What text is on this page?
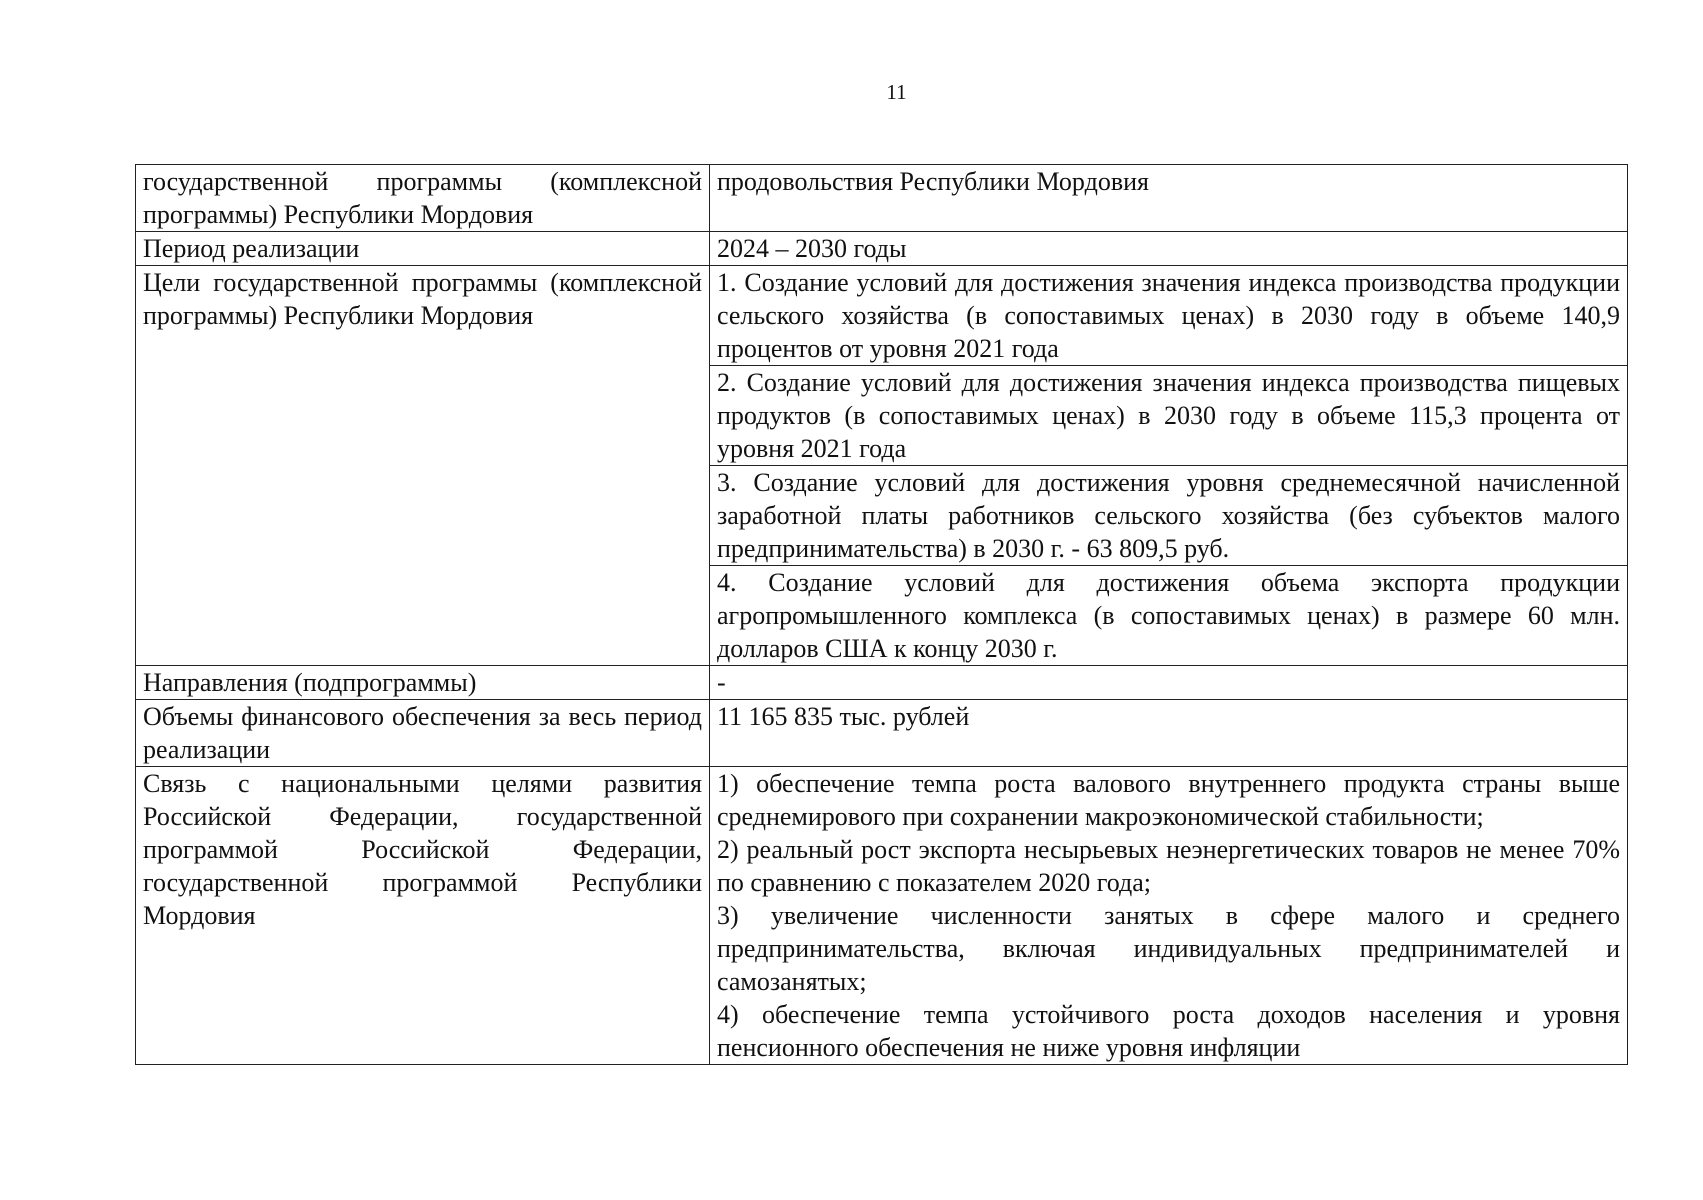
11
государственной программы (комплексной программы) Республики Мордовия	продовольствия Республики Мордовия
Период реализации	2024 – 2030 годы
Цели государственной программы (комплексной программы) Республики Мордовия	1. Создание условий для достижения значения индекса производства продукции сельского хозяйства (в сопоставимых ценах) в 2030 году в объеме 140,9 процентов от уровня 2021 года
	2. Создание условий для достижения значения индекса производства пищевых продуктов (в сопоставимых ценах) в 2030 году в объеме 115,3 процента от уровня 2021 года
	3. Создание условий для достижения уровня среднемесячной начисленной заработной платы работников сельского хозяйства (без субъектов малого предпринимательства) в 2030 г. - 63 809,5 руб.
	4. Создание условий для достижения объема экспорта продукции агропромышленного комплекса (в сопоставимых ценах) в размере 60 млн. долларов США к концу 2030 г.
Направления (подпрограммы)	-
Объемы финансового обеспечения за весь период реализации	11 165 835 тыс. рублей
Связь с национальными целями развития Российской Федерации, государственной программой Российской Федерации, государственной программой Республики Мордовия	1) обеспечение темпа роста валового внутреннего продукта страны выше среднемирового при сохранении макроэкономической стабильности;
2) реальный рост экспорта несырьевых неэнергетических товаров не менее 70% по сравнению с показателем 2020 года;
3) увеличение численности занятых в сфере малого и среднего предпринимательства, включая индивидуальных предпринимателей и самозанятых;
4) обеспечение темпа устойчивого роста доходов населения и уровня пенсионного обеспечения не ниже уровня инфляции
